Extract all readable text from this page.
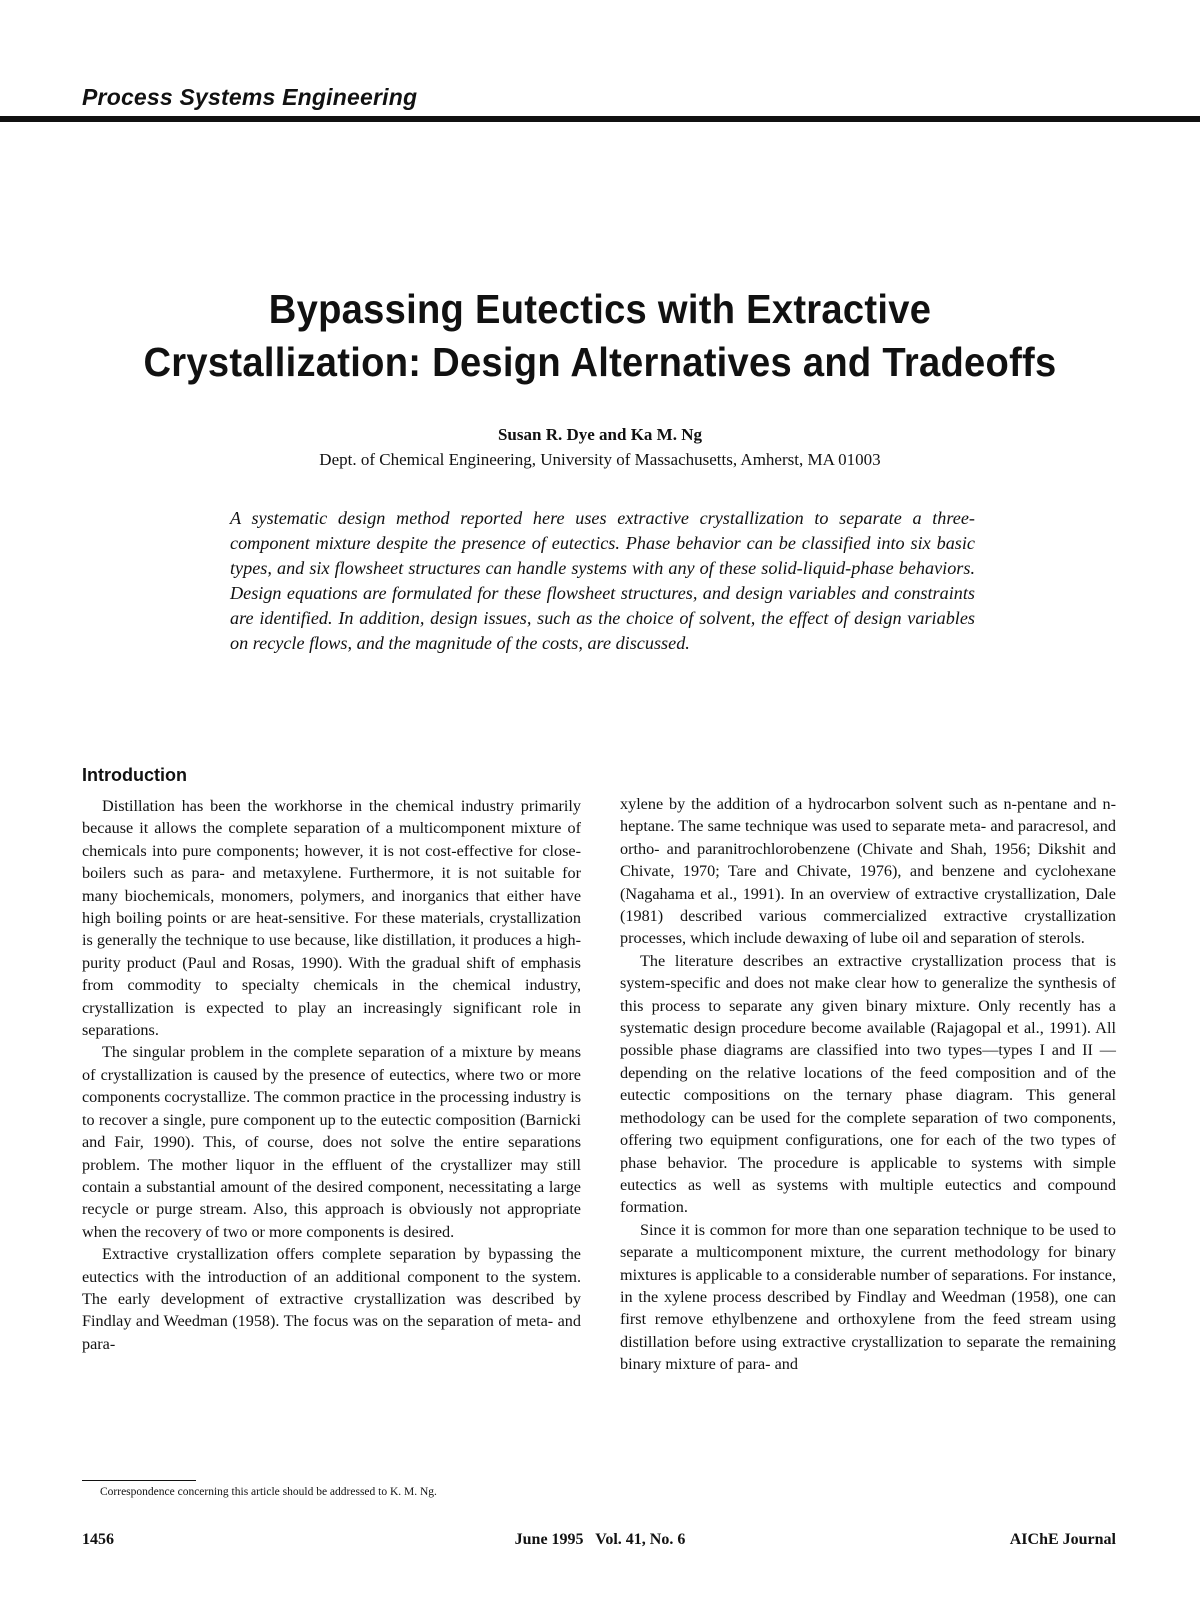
Process Systems Engineering
Bypassing Eutectics with Extractive
Crystallization: Design Alternatives and Tradeoffs
Susan R. Dye and Ka M. Ng
Dept. of Chemical Engineering, University of Massachusetts, Amherst, MA 01003
A systematic design method reported here uses extractive crystallization to separate a three-component mixture despite the presence of eutectics. Phase behavior can be classified into six basic types, and six flowsheet structures can handle systems with any of these solid-liquid-phase behaviors. Design equations are formulated for these flowsheet structures, and design variables and constraints are identified. In addition, design issues, such as the choice of solvent, the effect of design variables on recycle flows, and the magnitude of the costs, are discussed.
Introduction

Distillation has been the workhorse in the chemical industry primarily because it allows the complete separation of a multicomponent mixture of chemicals into pure components; however, it is not cost-effective for close-boilers such as para- and metaxylene. Furthermore, it is not suitable for many biochemicals, monomers, polymers, and inorganics that either have high boiling points or are heat-sensitive. For these materials, crystallization is generally the technique to use because, like distillation, it produces a high-purity product (Paul and Rosas, 1990). With the gradual shift of emphasis from commodity to specialty chemicals in the chemical industry, crystallization is expected to play an increasingly significant role in separations.

The singular problem in the complete separation of a mixture by means of crystallization is caused by the presence of eutectics, where two or more components cocrystallize. The common practice in the processing industry is to recover a single, pure component up to the eutectic composition (Barnicki and Fair, 1990). This, of course, does not solve the entire separations problem. The mother liquor in the effluent of the crystallizer may still contain a substantial amount of the desired component, necessitating a large recycle or purge stream. Also, this approach is obviously not appropriate when the recovery of two or more components is desired.

Extractive crystallization offers complete separation by bypassing the eutectics with the introduction of an additional component to the system. The early development of extractive crystallization was described by Findlay and Weedman (1958). The focus was on the separation of meta- and para-

xylene by the addition of a hydrocarbon solvent such as n-pentane and n-heptane. The same technique was used to separate meta- and paracresol, and ortho- and paranitrochlorobenzene (Chivate and Shah, 1956; Dikshit and Chivate, 1970; Tare and Chivate, 1976), and benzene and cyclohexane (Nagahama et al., 1991). In an overview of extractive crystallization, Dale (1981) described various commercialized extractive crystallization processes, which include dewaxing of lube oil and separation of sterols.

The literature describes an extractive crystallization process that is system-specific and does not make clear how to generalize the synthesis of this process to separate any given binary mixture. Only recently has a systematic design procedure become available (Rajagopal et al., 1991). All possible phase diagrams are classified into two types—types I and II —depending on the relative locations of the feed composition and of the eutectic compositions on the ternary phase diagram. This general methodology can be used for the complete separation of two components, offering two equipment configurations, one for each of the two types of phase behavior. The procedure is applicable to systems with simple eutectics as well as systems with multiple eutectics and compound formation.

Since it is common for more than one separation technique to be used to separate a multicomponent mixture, the current methodology for binary mixtures is applicable to a considerable number of separations. For instance, in the xylene process described by Findlay and Weedman (1958), one can first remove ethylbenzene and orthoxylene from the feed stream using distillation before using extractive crystallization to separate the remaining binary mixture of para- and

Correspondence concerning this article should be addressed to K. M. Ng.
1456	June 1995   Vol. 41, No. 6	AIChE Journal
